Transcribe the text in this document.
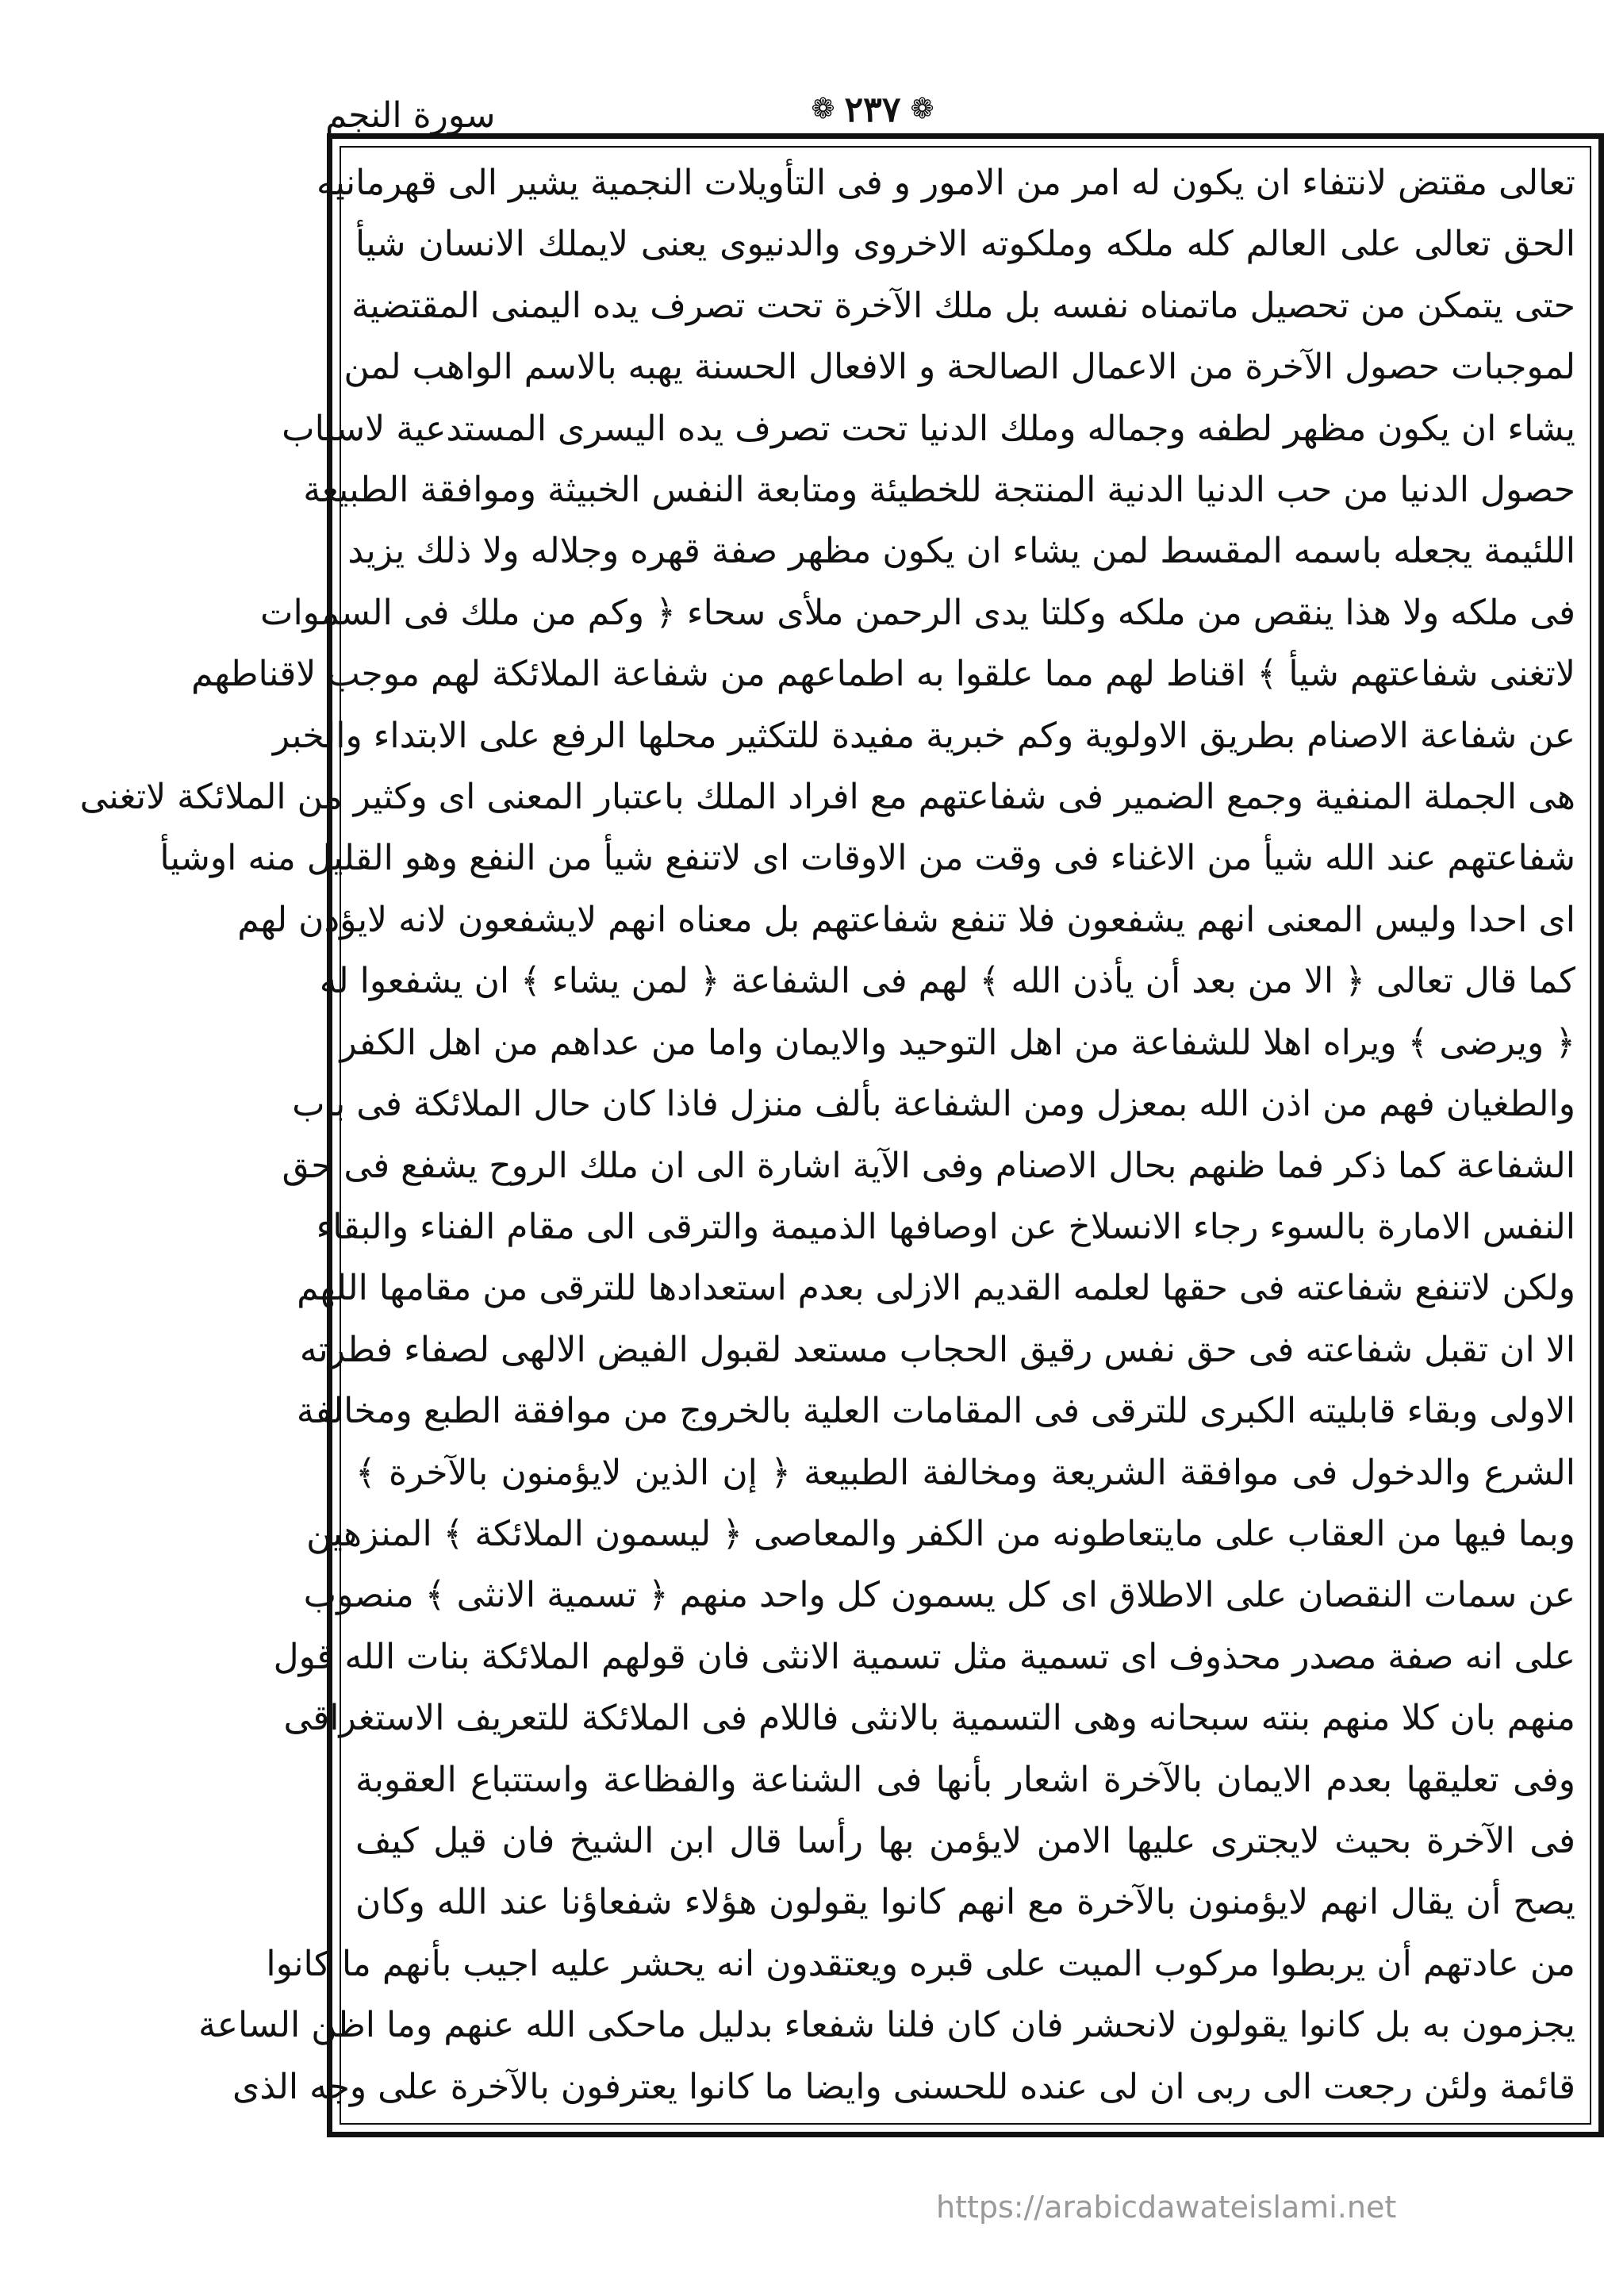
سورة النجم	❁ ٢٣٧ ❁
تعالى مقتض لانتفاء ان يكون له امر من الامور و فى التأويلات النجمية يشير الى قهرمانيه
الحق تعالى على العالم كله ملكه وملكوته الاخروى والدنيوى يعنى لايملك الانسان شيأ
حتى يتمكن من تحصيل ماتمناه نفسه بل ملك الآخرة تحت تصرف يده اليمنى المقتضية
لموجبات حصول الآخرة من الاعمال الصالحة و الافعال الحسنة يهبه بالاسم الواهب لمن
يشاء ان يكون مظهر لطفه وجماله وملك الدنيا تحت تصرف يده اليسرى المستدعية لاسباب
حصول الدنيا من حب الدنيا الدنية المنتجة للخطيئة ومتابعة النفس الخبيثة وموافقة الطبيعة
اللئيمة يجعله باسمه المقسط لمن يشاء ان يكون مظهر صفة قهره وجلاله ولا ذلك يزيد
فى ملكه ولا هذا ينقص من ملكه وكلتا يدى الرحمن ملأى سحاء ﴿ وكم من ملك فى السموات
لاتغنى شفاعتهم شيأ ﴾ اقناط لهم مما علقوا به اطماعهم من شفاعة الملائكة لهم موجب لاقناطهم
عن شفاعة الاصنام بطريق الاولوية وكم خبرية مفيدة للتكثير محلها الرفع على الابتداء والخبر
هى الجملة المنفية وجمع الضمير فى شفاعتهم مع افراد الملك باعتبار المعنى اى وكثير من الملائكة لاتغنى
شفاعتهم عند الله شيأ من الاغناء فى وقت من الاوقات اى لاتنفع شيأ من النفع وهو القليل منه اوشيأ
اى احدا وليس المعنى انهم يشفعون فلا تنفع شفاعتهم بل معناه انهم لايشفعون لانه لايؤذن لهم
كما قال تعالى ﴿ الا من بعد أن يأذن الله ﴾ لهم فى الشفاعة ﴿ لمن يشاء ﴾ ان يشفعوا له
﴿ ويرضى ﴾ ويراه اهلا للشفاعة من اهل التوحيد والايمان واما من عداهم من اهل الكفر
والطغيان فهم من اذن الله بمعزل ومن الشفاعة بألف منزل فاذا كان حال الملائكة فى باب
الشفاعة كما ذكر فما ظنهم بحال الاصنام وفى الآية اشارة الى ان ملك الروح يشفع فى حق
النفس الامارة بالسوء رجاء الانسلاخ عن اوصافها الذميمة والترقى الى مقام الفناء والبقاء
ولكن لاتنفع شفاعته فى حقها لعلمه القديم الازلى بعدم استعدادها للترقى من مقامها اللهم
الا ان تقبل شفاعته فى حق نفس رقيق الحجاب مستعد لقبول الفيض الالهى لصفاء فطرته
الاولى وبقاء قابليته الكبرى للترقى فى المقامات العلية بالخروج من موافقة الطبع ومخالفة
الشرع والدخول فى موافقة الشريعة ومخالفة الطبيعة ﴿ إن الذين لايؤمنون بالآخرة ﴾
وبما فيها من العقاب على مايتعاطونه من الكفر والمعاصى ﴿ ليسمون الملائكة ﴾ المنزهين
عن سمات النقصان على الاطلاق اى كل يسمون كل واحد منهم ﴿ تسمية الانثى ﴾ منصوب
على انه صفة مصدر محذوف اى تسمية مثل تسمية الانثى فان قولهم الملائكة بنات الله قول
منهم بان كلا منهم بنته سبحانه وهى التسمية بالانثى فاللام فى الملائكة للتعريف الاستغراقى
وفى تعليقها بعدم الايمان بالآخرة اشعار بأنها فى الشناعة والفظاعة واستتباع العقوبة
فى الآخرة بحيث لايجترى عليها الامن لايؤمن بها رأسا قال ابن الشيخ فان قيل كيف
يصح أن يقال انهم لايؤمنون بالآخرة مع انهم كانوا يقولون هؤلاء شفعاؤنا عند الله وكان
من عادتهم أن يربطوا مركوب الميت على قبره ويعتقدون انه يحشر عليه اجيب بأنهم ما كانوا
يجزمون به بل كانوا يقولون لانحشر فان كان فلنا شفعاء بدليل ماحكى الله عنهم وما اظن الساعة
قائمة ولئن رجعت الى ربى ان لى عنده للحسنى وايضا ما كانوا يعترفون بالآخرة على وجه الذى
https://arabicdawateislami.net
